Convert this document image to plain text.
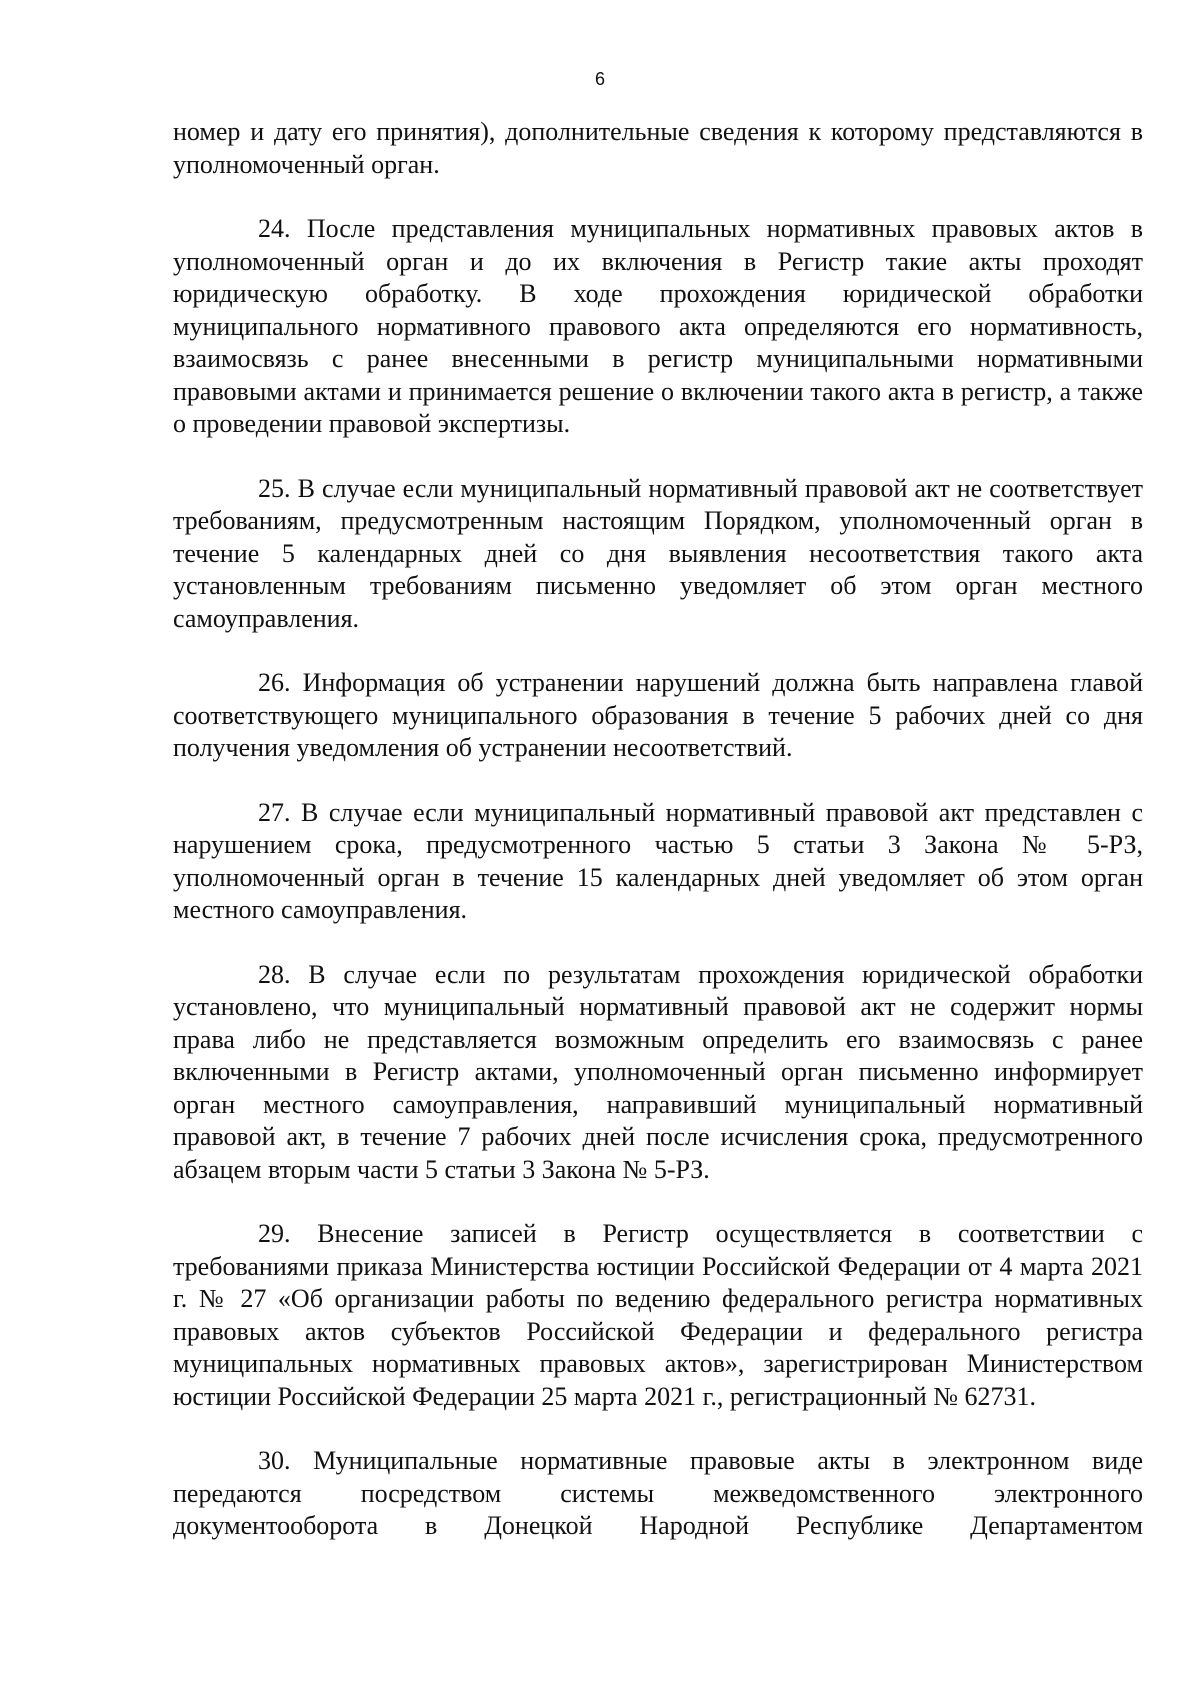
6

номер и дату его принятия), дополнительные сведения к которому представляются в уполномоченный орган.

24. После представления муниципальных нормативных правовых актов в уполномоченный орган и до их включения в Регистр такие акты проходят юридическую обработку. В ходе прохождения юридической обработки муниципального нормативного правового акта определяются его нормативность, взаимосвязь с ранее внесенными в регистр муниципальными нормативными правовыми актами и принимается решение о включении такого акта в регистр, а также о проведении правовой экспертизы.

25. В случае если муниципальный нормативный правовой акт не соответствует требованиям, предусмотренным настоящим Порядком, уполномоченный орган в течение 5 календарных дней со дня выявления несоответствия такого акта установленным требованиям письменно уведомляет об этом орган местного самоуправления.

26. Информация об устранении нарушений должна быть направлена главой соответствующего муниципального образования в течение 5 рабочих дней со дня получения уведомления об устранении несоответствий.

27. В случае если муниципальный нормативный правовой акт представлен с нарушением срока, предусмотренного частью 5 статьи 3 Закона № 5-РЗ, уполномоченный орган в течение 15 календарных дней уведомляет об этом орган местного самоуправления.

28. В случае если по результатам прохождения юридической обработки установлено, что муниципальный нормативный правовой акт не содержит нормы права либо не представляется возможным определить его взаимосвязь с ранее включенными в Регистр актами, уполномоченный орган письменно информирует орган местного самоуправления, направивший муниципальный нормативный правовой акт, в течение 7 рабочих дней после исчисления срока, предусмотренного абзацем вторым части 5 статьи 3 Закона № 5-РЗ.

29. Внесение записей в Регистр осуществляется в соответствии с требованиями приказа Министерства юстиции Российской Федерации от 4 марта 2021 г. № 27 «Об организации работы по ведению федерального регистра нормативных правовых актов субъектов Российской Федерации и федерального регистра муниципальных нормативных правовых актов», зарегистрирован Министерством юстиции Российской Федерации 25 марта 2021 г., регистрационный № 62731.

30. Муниципальные нормативные правовые акты в электронном виде передаются посредством системы межведомственного электронного документооборота в Донецкой Народной Республике Департаментом
